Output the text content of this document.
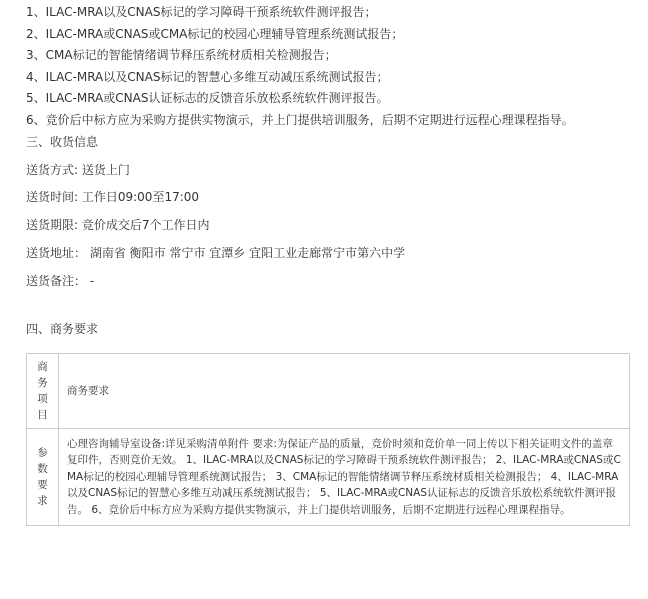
1、ILAC-MRA以及CNAS标记的学习障碍干预系统软件测评报告；
2、ILAC-MRA或CNAS或CMA标记的校园心理辅导管理系统测试报告；
3、CMA标记的智能情绪调节释压系统材质相关检测报告；
4、ILAC-MRA以及CNAS标记的智慧心多维互动减压系统测试报告；
5、ILAC-MRA或CNAS认证标志的反馈音乐放松系统软件测评报告。
6、竞价后中标方应为采购方提供实物演示，并上门提供培训服务，后期不定期进行远程心理课程指导。
三、收货信息
送货方式: 送货上门
送货时间: 工作日09:00至17:00
送货期限: 竞价成交后7个工作日内
送货地址： 湖南省 衡阳市 常宁市 宜潭乡 宜阳工业走廊常宁市第六中学
送货备注： -
四、商务要求
商务项目	商务要求
参数要求	心理咨询辅导室设备:详见采购清单附件 要求:为保证产品的质量，竞价时须和竞价单一同上传以下相关证明文件的盖章复印件，否则竞价无效。 1、ILAC-MRA以及CNAS标记的学习障碍干预系统软件测评报告； 2、ILAC-MRA或CNAS或CMA标记的校园心理辅导管理系统测试报告； 3、CMA标记的智能情绪调节释压系统材质相关检测报告； 4、ILAC-MRA以及CNAS标记的智慧心多维互动减压系统测试报告； 5、ILAC-MRA或CNAS认证标志的反馈音乐放松系统软件测评报告。 6、竞价后中标方应为采购方提供实物演示，并上门提供培训服务，后期不定期进行远程心理课程指导。
